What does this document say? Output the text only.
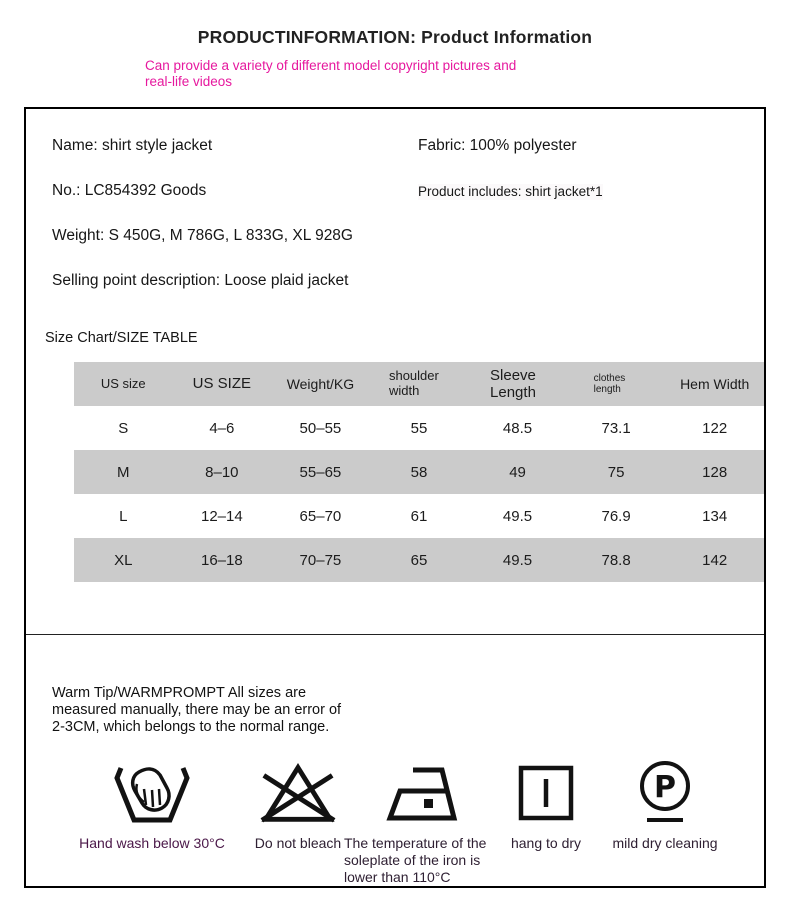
PRODUCTINFORMATION: Product Information
Can provide a variety of different model copyright pictures and real-life videos
Name: shirt style jacket	Fabric: 100% polyester
No.: LC854392 Goods	Product includes: shirt jacket*1
Weight: S 450G, M 786G, L 833G, XL 928G
Selling point description: Loose plaid jacket
Size Chart/SIZE TABLE
US size	US SIZE	Weight/KG	shoulder width	Sleeve Length	clothes length	Hem Width
S	4–6	50–55	55	48.5	73.1	122
M	8–10	55–65	58	49	75	128
L	12–14	65–70	61	49.5	76.9	134
XL	16–18	70–75	65	49.5	78.8	142
Warm Tip/WARMPROMPT All sizes are measured manually, there may be an error of 2-3CM, which belongs to the normal range.
Hand wash below 30°C Do not bleach The temperature of the soleplate of the iron is lower than 110°C
hang to dry
P
mild dry cleaning
